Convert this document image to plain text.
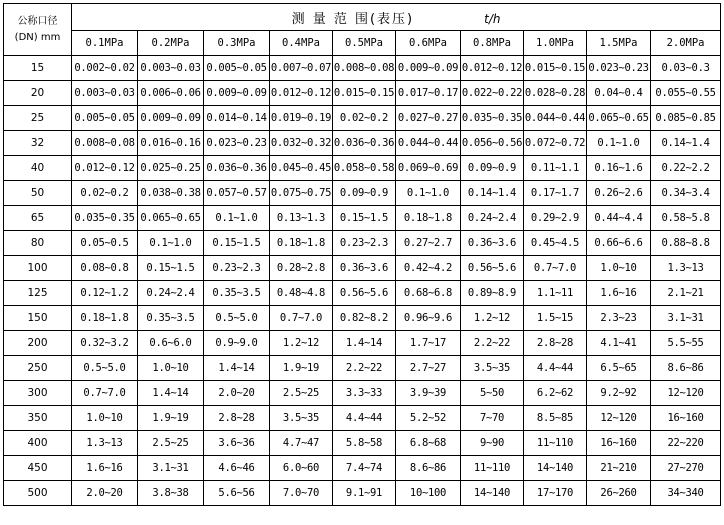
公称口径
(DN) mm	测 量 范 围(表压) t/h									
	0.1MPa	0.2MPa	0.3MPa	0.4MPa	0.5MPa	0.6MPa	0.8MPa	1.0MPa	1.5MPa	2.0MPa
15	0.002~0.02	0.003~0.03	0.005~0.05	0.007~0.07	0.008~0.08	0.009~0.09	0.012~0.12	0.015~0.15	0.023~0.23	0.03~0.3
20	0.003~0.03	0.006~0.06	0.009~0.09	0.012~0.12	0.015~0.15	0.017~0.17	0.022~0.22	0.028~0.28	0.04~0.4	0.055~0.55
25	0.005~0.05	0.009~0.09	0.014~0.14	0.019~0.19	0.02~0.2	0.027~0.27	0.035~0.35	0.044~0.44	0.065~0.65	0.085~0.85
32	0.008~0.08	0.016~0.16	0.023~0.23	0.032~0.32	0.036~0.36	0.044~0.44	0.056~0.56	0.072~0.72	0.1~1.0	0.14~1.4
40	0.012~0.12	0.025~0.25	0.036~0.36	0.045~0.45	0.058~0.58	0.069~0.69	0.09~0.9	0.11~1.1	0.16~1.6	0.22~2.2
50	0.02~0.2	0.038~0.38	0.057~0.57	0.075~0.75	0.09~0.9	0.1~1.0	0.14~1.4	0.17~1.7	0.26~2.6	0.34~3.4
65	0.035~0.35	0.065~0.65	0.1~1.0	0.13~1.3	0.15~1.5	0.18~1.8	0.24~2.4	0.29~2.9	0.44~4.4	0.58~5.8
80	0.05~0.5	0.1~1.0	0.15~1.5	0.18~1.8	0.23~2.3	0.27~2.7	0.36~3.6	0.45~4.5	0.66~6.6	0.88~8.8
100	0.08~0.8	0.15~1.5	0.23~2.3	0.28~2.8	0.36~3.6	0.42~4.2	0.56~5.6	0.7~7.0	1.0~10	1.3~13
125	0.12~1.2	0.24~2.4	0.35~3.5	0.48~4.8	0.56~5.6	0.68~6.8	0.89~8.9	1.1~11	1.6~16	2.1~21
150	0.18~1.8	0.35~3.5	0.5~5.0	0.7~7.0	0.82~8.2	0.96~9.6	1.2~12	1.5~15	2.3~23	3.1~31
200	0.32~3.2	0.6~6.0	0.9~9.0	1.2~12	1.4~14	1.7~17	2.2~22	2.8~28	4.1~41	5.5~55
250	0.5~5.0	1.0~10	1.4~14	1.9~19	2.2~22	2.7~27	3.5~35	4.4~44	6.5~65	8.6~86
300	0.7~7.0	1.4~14	2.0~20	2.5~25	3.3~33	3.9~39	5~50	6.2~62	9.2~92	12~120
350	1.0~10	1.9~19	2.8~28	3.5~35	4.4~44	5.2~52	7~70	8.5~85	12~120	16~160
400	1.3~13	2.5~25	3.6~36	4.7~47	5.8~58	6.8~68	9~90	11~110	16~160	22~220
450	1.6~16	3.1~31	4.6~46	6.0~60	7.4~74	8.6~86	11~110	14~140	21~210	27~270
500	2.0~20	3.8~38	5.6~56	7.0~70	9.1~91	10~100	14~140	17~170	26~260	34~340
